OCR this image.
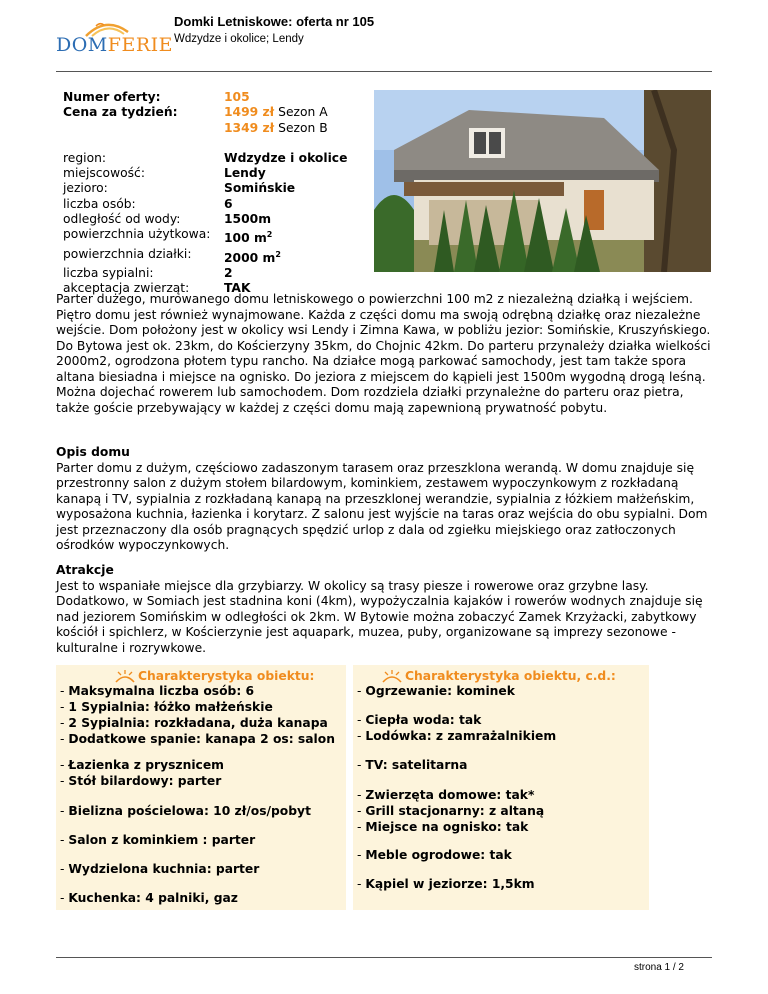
DOMFERIE
Domki Letniskowe: oferta nr 105
Wdzydze i okolice; Lendy
Numer oferty:	105
Cena za tydzień:	1499 zł Sezon A
1349 zł Sezon B
region:	Wdzydze i okolice
miejscowość:	Lendy
jezioro:	Somińskie
liczba osób:	6
odległość od wody:	1500m
powierzchnia użytkowa:	100 $m^2$
powierzchnia działki:	2000 $m^2$
liczba sypialni:	2
akceptacja zwierząt:	TAK

Parter dużego, murowanego domu letniskowego o powierzchni 100 m2 z niezależną działką i wejściem. Piętro domu jest również wynajmowane. Każda z części domu ma swoją odrębną działkę oraz niezależne wejście. Dom położony jest w okolicy wsi Lendy i Zimna Kawa, w pobliżu jezior: Somińskie, Kruszyńskiego. Do Bytowa jest ok. 23km, do Kościerzyny 35km, do Chojnic 42km. Do parteru przynależy działka wielkości 2000m2, ogrodzona płotem typu rancho. Na działce mogą parkować samochody, jest tam także spora altana biesiadna i miejsce na ognisko. Do jeziora z miejscem do kąpieli jest 1500m wygodną drogą leśną. Można dojechać rowerem lub samochodem. Dom rozdziela działki przynależne do parteru oraz pietra, także goście przebywający w każdej z części domu mają zapewnioną prywatność pobytu.

Opis domu

Parter domu z dużym, częściowo zadaszonym tarasem oraz przeszklona werandą. W domu znajduje się przestronny salon z dużym stołem bilardowym, kominkiem, zestawem wypoczynkowym z rozkładaną kanapą i TV, sypialnia z rozkładaną kanapą na przeszklonej werandzie, sypialnia z łóżkiem małżeńskim, wyposażona kuchnia, łazienka i korytarz. Z salonu jest wyjście na taras oraz wejścia do obu sypialni. Dom jest przeznaczony dla osób pragnących spędzić urlop z dala od zgiełku miejskiego oraz zatłoczonych ośrodków wypoczynkowych.

Atrakcje

Jest to wspaniałe miejsce dla grzybiarzy. W okolicy są trasy piesze i rowerowe oraz grzybne lasy. Dodatkowo, w Somiach jest stadnina koni (4km), wypożyczalnia kajaków i rowerów wodnych znajduje się nad jeziorem Somińskim w odległości ok 2km. W Bytowie można zobaczyć Zamek Krzyżacki, zabytkowy kościół i spichlerz, w Kościerzynie jest aquapark, muzea, puby, organizowane są imprezy sezonowe - kulturalne i rozrywkowe.

Charakterystyka obiektu:
- Maksymalna liczba osób: 6
- 1 Sypialnia: łóżko małżeńskie
- 2 Sypialnia: rozkładana, duża kanapa
- Dodatkowe spanie: kanapa 2 os: salon
- Łazienka z prysznicem
- Stół bilardowy: parter
- Bielizna pościelowa: 10 zł/os/pobyt
- Salon z kominkiem : parter
- Wydzielona kuchnia: parter
- Kuchenka: 4 palniki, gaz
Charakterystyka obiektu, c.d.:
- Ogrzewanie: kominek
- Ciepła woda: tak
- Lodówka: z zamrażalnikiem
- TV: satelitarna
- Zwierzęta domowe: tak*
- Grill stacjonarny: z altaną
- Miejsce na ognisko: tak
- Meble ogrodowe: tak
- Kąpiel w jeziorze: 1,5km
strona 1 / 2
